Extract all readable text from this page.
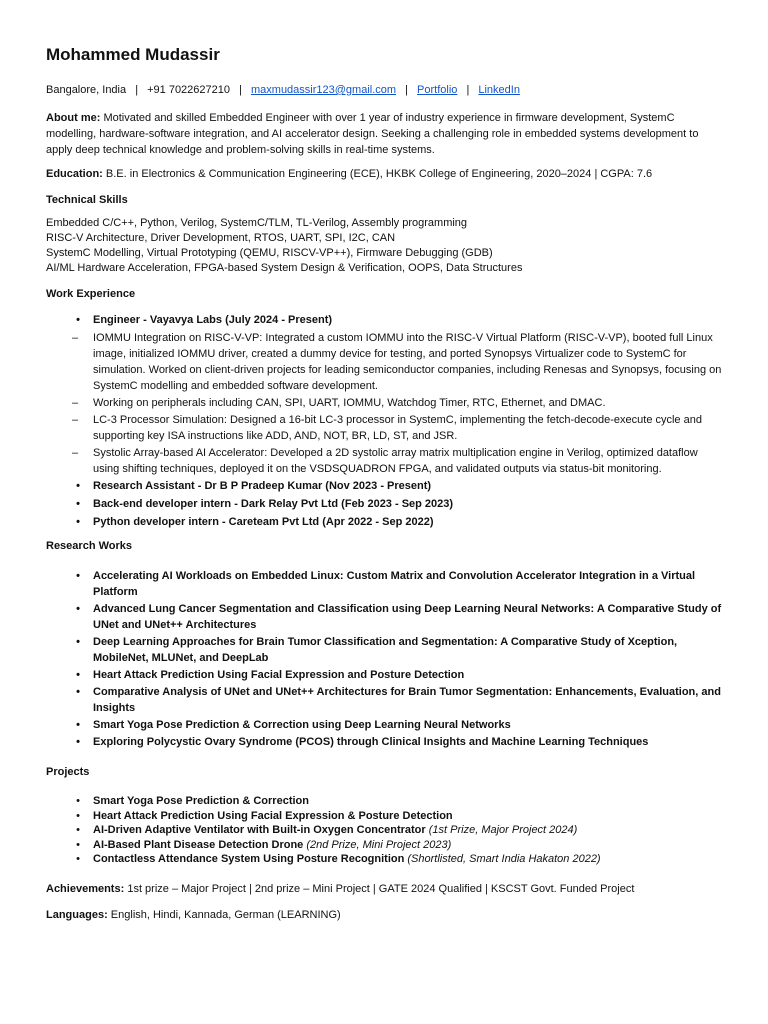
Mohammed Mudassir
Bangalore, India | +91 7022627210 | maxmudassir123@gmail.com | Portfolio | LinkedIn

About me: Motivated and skilled Embedded Engineer with over 1 year of industry experience in firmware development, SystemC modelling, hardware-software integration, and AI accelerator design. Seeking a challenging role in embedded systems development to apply deep technical knowledge and problem-solving skills in real-time systems.

Education: B.E. in Electronics & Communication Engineering (ECE), HKBK College of Engineering, 2020–2024 | CGPA: 7.6

Technical Skills
Embedded C/C++, Python, Verilog, SystemC/TLM, TL-Verilog, Assembly programming
RISC-V Architecture, Driver Development, RTOS, UART, SPI, I2C, CAN
SystemC Modelling, Virtual Prototyping (QEMU, RISCV-VP++), Firmware Debugging (GDB)
AI/ML Hardware Acceleration, FPGA-based System Design & Verification, OOPS, Data Structures
Work Experience
•	Engineer - Vayavya Labs (July 2024 - Present)
–	IOMMU Integration on RISC-V-VP: Integrated a custom IOMMU into the RISC-V Virtual Platform (RISC-V-VP), booted full Linux image, initialized IOMMU driver, created a dummy device for testing, and ported Synopsys Virtualizer code to SystemC for simulation. Worked on client-driven projects for leading semiconductor companies, including Renesas and Synopsys, focusing on SystemC modelling and embedded software development.
–	Working on peripherals including CAN, SPI, UART, IOMMU, Watchdog Timer, RTC, Ethernet, and DMAC.
–	LC-3 Processor Simulation: Designed a 16-bit LC-3 processor in SystemC, implementing the fetch-decode-execute cycle and supporting key ISA instructions like ADD, AND, NOT, BR, LD, ST, and JSR.
–	Systolic Array-based AI Accelerator: Developed a 2D systolic array matrix multiplication engine in Verilog, optimized dataflow using shifting techniques, deployed it on the VSDSQUADRON FPGA, and validated outputs via status-bit monitoring.
•	Research Assistant - Dr B P Pradeep Kumar (Nov 2023 - Present)
•	Back-end developer intern - Dark Relay Pvt Ltd (Feb 2023 - Sep 2023)
•	Python developer intern - Careteam Pvt Ltd (Apr 2022 - Sep 2022)
Research Works
•	Accelerating AI Workloads on Embedded Linux: Custom Matrix and Convolution Accelerator Integration in a Virtual Platform
•	Advanced Lung Cancer Segmentation and Classification using Deep Learning Neural Networks: A Comparative Study of UNet and UNet++ Architectures
•	Deep Learning Approaches for Brain Tumor Classification and Segmentation: A Comparative Study of Xception, MobileNet, MLUNet, and DeepLab
•	Heart Attack Prediction Using Facial Expression and Posture Detection
•	Comparative Analysis of UNet and UNet++ Architectures for Brain Tumor Segmentation: Enhancements, Evaluation, and Insights
•	Smart Yoga Pose Prediction & Correction using Deep Learning Neural Networks
•	Exploring Polycystic Ovary Syndrome (PCOS) through Clinical Insights and Machine Learning Techniques
Projects
•	Smart Yoga Pose Prediction & Correction
•	Heart Attack Prediction Using Facial Expression & Posture Detection
•	AI-Driven Adaptive Ventilator with Built-in Oxygen Concentrator (1st Prize, Major Project 2024)
•	AI-Based Plant Disease Detection Drone (2nd Prize, Mini Project 2023)
•	Contactless Attendance System Using Posture Recognition (Shortlisted, Smart India Hakaton 2022)

Achievements: 1st prize – Major Project | 2nd prize – Mini Project | GATE 2024 Qualified | KSCST Govt. Funded Project

Languages: English, Hindi, Kannada, German (LEARNING)
